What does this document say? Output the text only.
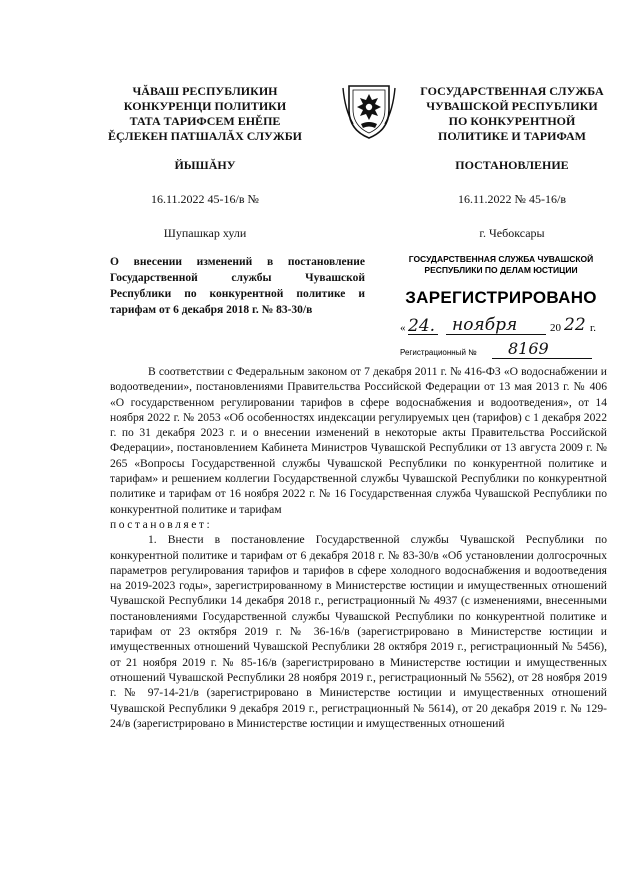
ЧĂВАШ РЕСПУБЛИКИН
КОНКУРЕНЦИ ПОЛИТИКИ
ТАТА ТАРИФСЕМ ЕНĚПЕ
ĚÇЛЕКЕН ПАТШАЛĂХ СЛУЖБИ
ЙЫШĂНУ
16.11.2022 45-16/в №
Шупашкар хули
ГОСУДАРСТВЕННАЯ СЛУЖБА
ЧУВАШСКОЙ РЕСПУБЛИКИ
ПО КОНКУРЕНТНОЙ
ПОЛИТИКЕ И ТАРИФАМ
ПОСТАНОВЛЕНИЕ
16.11.2022 № 45-16/в
г. Чебоксары
О внесении изменений в постановление Государственной службы Чувашской Республики по конкурентной политике и тарифам от 6 декабря 2018 г. № 83-30/в
ГОСУДАРСТВЕННАЯ СЛУЖБА ЧУВАШСКОЙ
РЕСПУБЛИКИ ПО ДЕЛАМ ЮСТИЦИИ
ЗАРЕГИСТРИРОВАНО
« 24. ноября	20 22 г.
Регистрационный № 8169
В соответствии с Федеральным законом от 7 декабря 2011 г. № 416-ФЗ «О водоснабжении и водоотведении», постановлениями Правительства Российской Федерации от 13 мая 2013 г. № 406 «О государственном регулировании тарифов в сфере водоснабжения и водоотведения», от 14 ноября 2022 г. № 2053 «Об особенностях индексации регулируемых цен (тарифов) с 1 декабря 2022 г. по 31 декабря 2023 г. и о внесении изменений в некоторые акты Правительства Российской Федерации», постановлением Кабинета Министров Чувашской Республики от 13 августа 2009 г. № 265 «Вопросы Государственной службы Чувашской Республики по конкурентной политике и тарифам» и решением коллегии Государственной службы Чувашской Республики по конкурентной политике и тарифам от 16 ноября 2022 г. № 16 Государственная служба Чувашской Республики по конкурентной политике и тарифам
постановляет:
1. Внести в постановление Государственной службы Чувашской Республики по конкурентной политике и тарифам от 6 декабря 2018 г. № 83-30/в «Об установлении долгосрочных параметров регулирования тарифов и тарифов в сфере холодного водоснабжения и водоотведения на 2019-2023 годы», зарегистрированному в Министерстве юстиции и имущественных отношений Чувашской Республики 14 декабря 2018 г., регистрационный № 4937 (с изменениями, внесенными постановлениями Государственной службы Чувашской Республики по конкурентной политике и тарифам от 23 октября 2019 г. № 36-16/в (зарегистрировано в Министерстве юстиции и имущественных отношений Чувашской Республики 28 октября 2019 г., регистрационный № 5456), от 21 ноября 2019 г. № 85-16/в (зарегистрировано в Министерстве юстиции и имущественных отношений Чувашской Республики 28 ноября 2019 г., регистрационный № 5562), от 28 ноября 2019 г. № 97-14-21/в (зарегистрировано в Министерстве юстиции и имущественных отношений Чувашской Республики 9 декабря 2019 г., регистрационный № 5614), от 20 декабря 2019 г. № 129-24/в (зарегистрировано в Министерстве юстиции и имущественных отношений
